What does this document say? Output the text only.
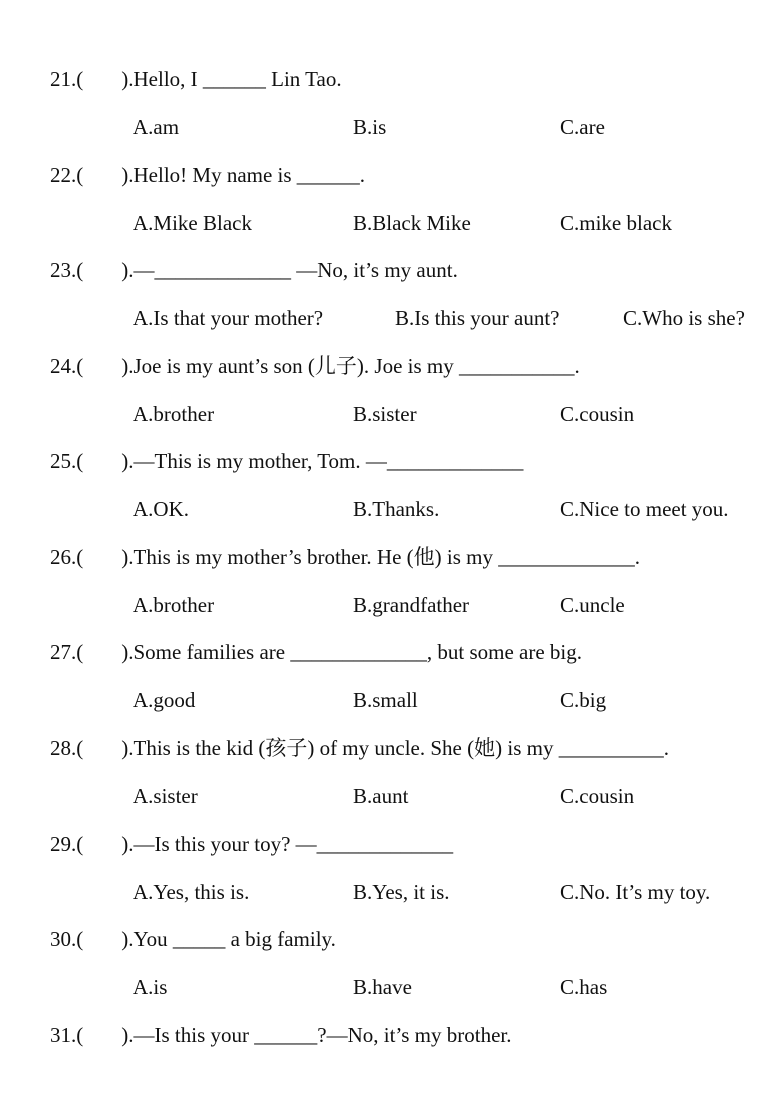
21.( ).Hello, I ______ Lin Tao.
A.am	B.is	C.are
22.( ).Hello! My name is ______.
A.Mike Black	B.Black Mike	C.mike black
23.( ).—_____________ —No, it’s my aunt.
A.Is that your mother?	B.Is this your aunt?	C.Who is she?
24.( ).Joe is my aunt’s son (儿子). Joe is my ___________.
A.brother	B.sister	C.cousin
25.( ).—This is my mother, Tom. —_____________
A.OK.	B.Thanks.	C.Nice to meet you.
26.( ).This is my mother’s brother. He (他) is my _____________.
A.brother	B.grandfather	C.uncle
27.( ).Some families are _____________, but some are big.
A.good	B.small	C.big
28.( ).This is the kid (孩子) of my uncle. She (她) is my __________.
A.sister	B.aunt	C.cousin
29.( ).—Is this your toy? —_____________
A.Yes, this is.	B.Yes, it is.	C.No. It’s my toy.
30.( ).You _____ a big family.
A.is	B.have	C.has
31.( ).—Is this your ______?—No, it’s my brother.
